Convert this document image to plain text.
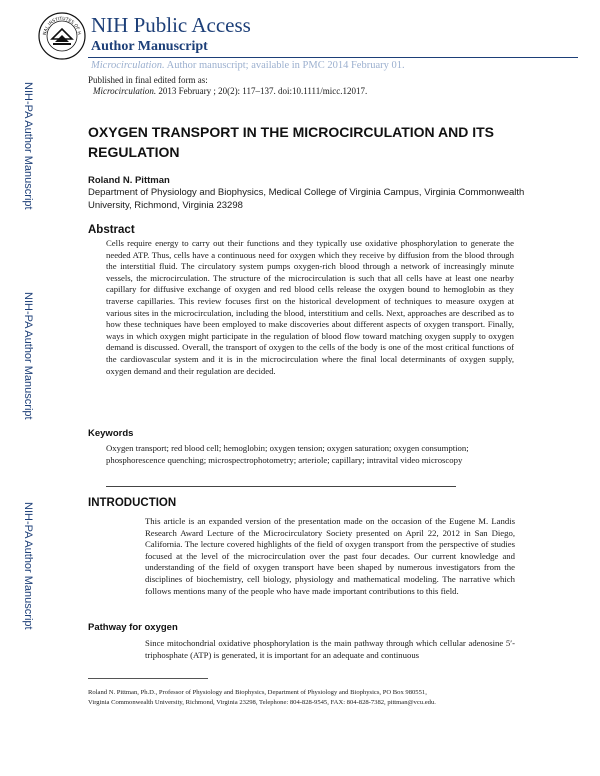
NAL INSTITUTES OF H NIH Public Access
Author Manuscript
Microcirculation. Author manuscript; available in PMC 2014 February 01.
Published in final edited form as:
Microcirculation. 2013 February ; 20(2): 117–137. doi:10.1111/micc.12017.
NIH-PA Author Manuscript
NIH-PA Author Manuscript
NIH-PA Author Manuscript
OXYGEN TRANSPORT IN THE MICROCIRCULATION AND ITS REGULATION
Roland N. Pittman
Department of Physiology and Biophysics, Medical College of Virginia Campus, Virginia Commonwealth University, Richmond, Virginia 23298
Abstract
Cells require energy to carry out their functions and they typically use oxidative phosphorylation to generate the needed ATP. Thus, cells have a continuous need for oxygen which they receive by diffusion from the blood through the interstitial fluid. The circulatory system pumps oxygen-rich blood through a network of increasingly minute vessels, the microcirculation. The structure of the microcirculation is such that all cells have at least one nearby capillary for diffusive exchange of oxygen and red blood cells release the oxygen bound to hemoglobin as they traverse capillaries. This review focuses first on the historical development of techniques to measure oxygen at various sites in the microcirculation, including the blood, interstitium and cells. Next, approaches are described as to how these techniques have been employed to make discoveries about different aspects of oxygen transport. Finally, ways in which oxygen might participate in the regulation of blood flow toward matching oxygen supply to oxygen demand is discussed. Overall, the transport of oxygen to the cells of the body is one of the most critical functions of the cardiovascular system and it is in the microcirculation where the final local determinants of oxygen supply, oxygen demand and their regulation are decided.
Keywords
Oxygen transport; red blood cell; hemoglobin; oxygen tension; oxygen saturation; oxygen consumption; phosphorescence quenching; microspectrophotometry; arteriole; capillary; intravital video microscopy
INTRODUCTION
This article is an expanded version of the presentation made on the occasion of the Eugene M. Landis Research Award Lecture of the Microcirculatory Society presented on April 22, 2012 in San Diego, California. The lecture covered highlights of the field of oxygen transport from the perspective of studies focused at the level of the microcirculation over the past four decades. Our current knowledge and understanding of the field of oxygen transport have been shaped by numerous investigators from the disciplines of biochemistry, cell biology, physiology and mathematical modeling. The narrative which follows mentions many of the people who have made important contributions to this field.
Pathway for oxygen
Since mitochondrial oxidative phosphorylation is the main pathway through which cellular adenosine 5′-triphosphate (ATP) is generated, it is important for an adequate and continuous
Roland N. Pittman, Ph.D., Professor of Physiology and Biophysics, Department of Physiology and Biophysics, PO Box 980551,
Virginia Commonwealth University, Richmond, Virginia 23298, Telephone: 804-828-9545, FAX: 804-828-7382, pittman@vcu.edu.
